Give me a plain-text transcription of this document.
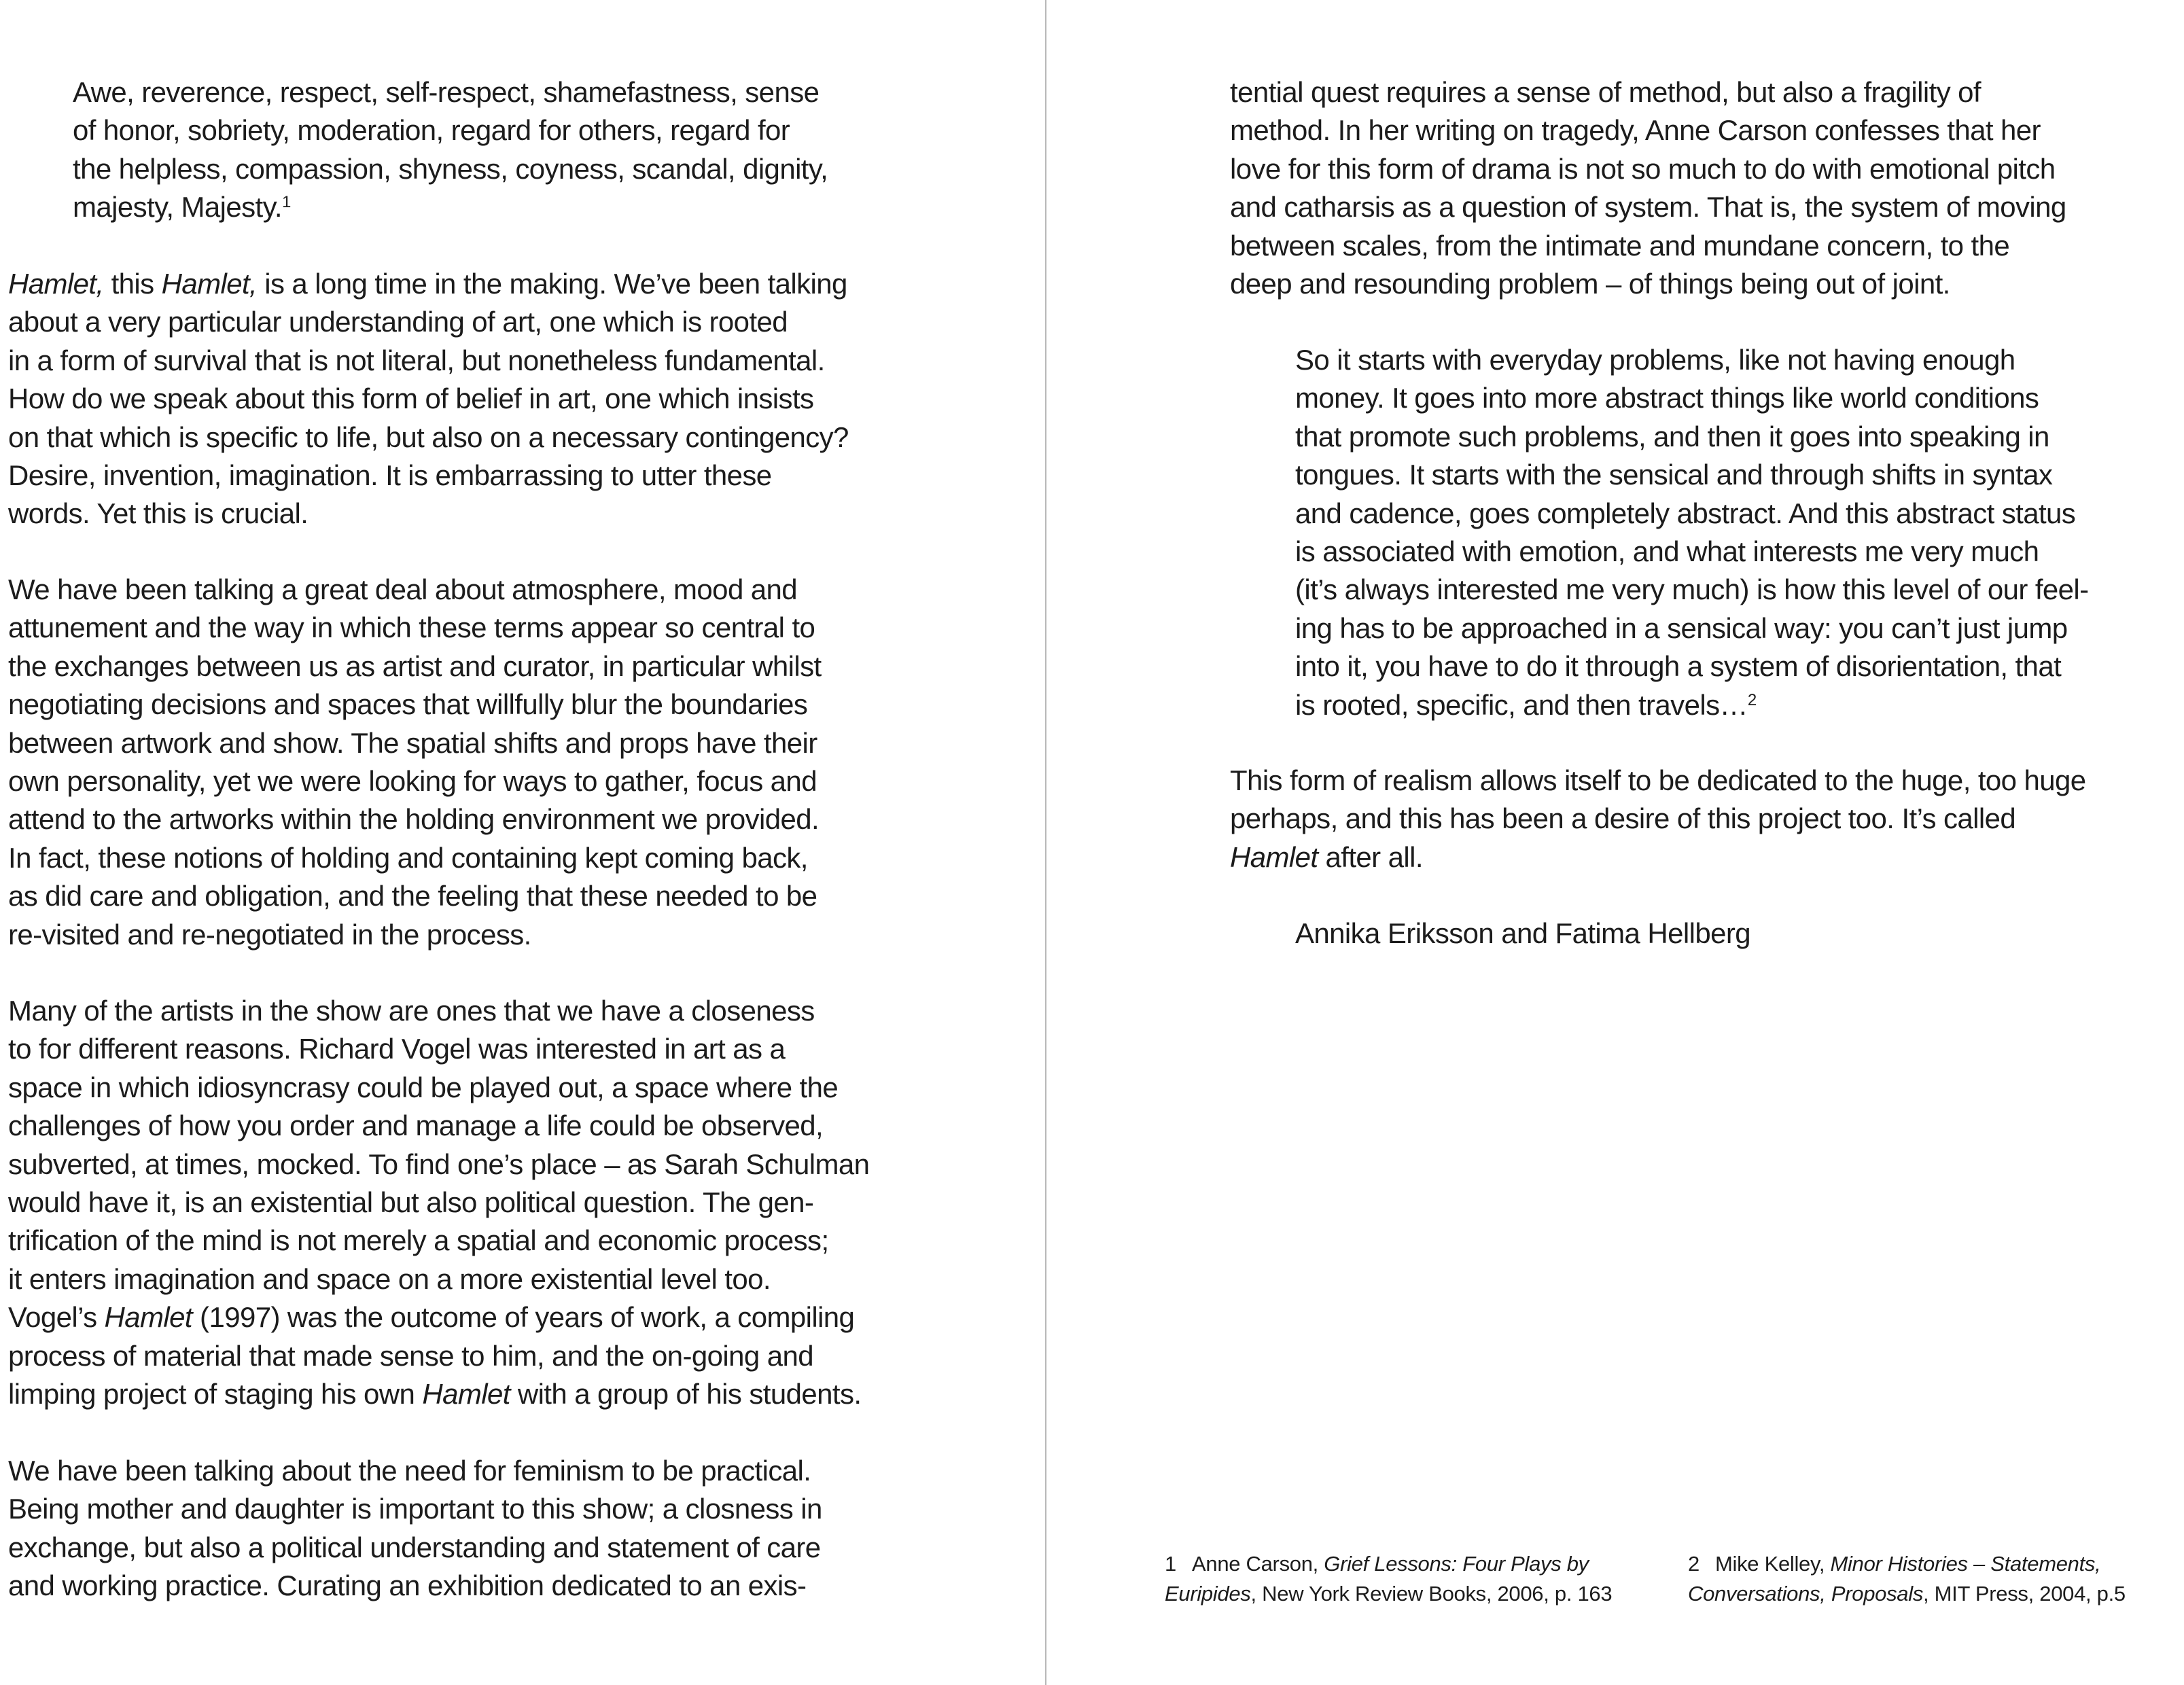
Awe, reverence, respect, self-respect, shamefastness, sense
of honor, sobriety, moderation, regard for others, regard for
the helpless, compassion, shyness, coyness, scandal, dignity,
majesty, Majesty.$^1$

Hamlet, this Hamlet, is a long time in the making. We’ve been talking
about a very particular understanding of art, one which is rooted
in a form of survival that is not literal, but nonetheless fundamental.
How do we speak about this form of belief in art, one which insists
on that which is specific to life, but also on a necessary contingency?
Desire, invention, imagination. It is embarrassing to utter these
words. Yet this is crucial.

We have been talking a great deal about atmosphere, mood and
attunement and the way in which these terms appear so central to
the exchanges between us as artist and curator, in particular whilst
negotiating decisions and spaces that willfully blur the boundaries
between artwork and show. The spatial shifts and props have their
own personality, yet we were looking for ways to gather, focus and
attend to the artworks within the holding environment we provided.
In fact, these notions of holding and containing kept coming back,
as did care and obligation, and the feeling that these needed to be
re-visited and re-negotiated in the process.

Many of the artists in the show are ones that we have a closeness
to for different reasons. Richard Vogel was interested in art as a
space in which idiosyncrasy could be played out, a space where the
challenges of how you order and manage a life could be observed,
subverted, at times, mocked. To find one’s place – as Sarah Schulman
would have it, is an existential but also political question. The gen-
trification of the mind is not merely a spatial and economic process;
it enters imagination and space on a more existential level too.
Vogel’s Hamlet (1997) was the outcome of years of work, a compiling
process of material that made sense to him, and the on-going and
limping project of staging his own Hamlet with a group of his students.

We have been talking about the need for feminism to be practical.
Being mother and daughter is important to this show; a closness in
exchange, but also a political understanding and statement of care
and working practice. Curating an exhibition dedicated to an exis-

tential quest requires a sense of method, but also a fragility of
method. In her writing on tragedy, Anne Carson confesses that her
love for this form of drama is not so much to do with emotional pitch
and catharsis as a question of system. That is, the system of moving
between scales, from the intimate and mundane concern, to the
deep and resounding problem – of things being out of joint.

So it starts with everyday problems, like not having enough
money. It goes into more abstract things like world conditions
that promote such problems, and then it goes into speaking in
tongues. It starts with the sensical and through shifts in syntax
and cadence, goes completely abstract. And this abstract status
is associated with emotion, and what interests me very much
(it’s always interested me very much) is how this level of our feel-
ing has to be approached in a sensical way: you can’t just jump
into it, you have to do it through a system of disorientation, that
is rooted, specific, and then travels…$^2$

This form of realism allows itself to be dedicated to the huge, too huge
perhaps, and this has been a desire of this project too. It’s called
Hamlet after all.

Annika Eriksson and Fatima Hellberg

1 Anne Carson, Grief Lessons: Four Plays by
Euripides, New York Review Books, 2006, p. 163
2 Mike Kelley, Minor Histories – Statements,
Conversations, Proposals, MIT Press, 2004, p.5
